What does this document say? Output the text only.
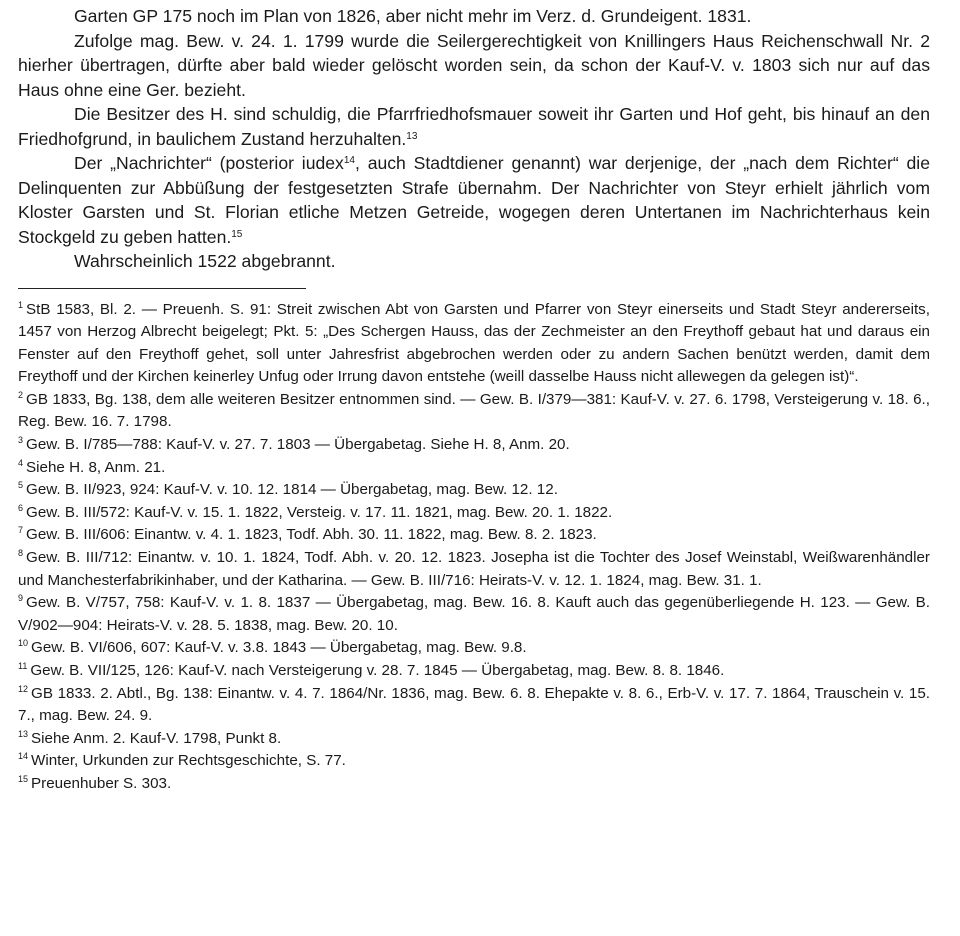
Garten GP 175 noch im Plan von 1826, aber nicht mehr im Verz. d. Grundeigent. 1831.

Zufolge mag. Bew. v. 24. 1. 1799 wurde die Seilergerechtigkeit von Knillingers Haus Reichenschwall Nr. 2 hierher übertragen, dürfte aber bald wieder gelöscht worden sein, da schon der Kauf-V. v. 1803 sich nur auf das Haus ohne eine Ger. bezieht.

Die Besitzer des H. sind schuldig, die Pfarrfriedhofsmauer soweit ihr Garten und Hof geht, bis hinauf an den Friedhofgrund, in baulichem Zustand herzuhalten.$^{13}$

Der „Nachrichter“ (posterior iudex$^{14}$, auch Stadtdiener genannt) war derjenige, der „nach dem Richter“ die Delinquenten zur Abbüßung der festgesetzten Strafe übernahm. Der Nachrichter von Steyr erhielt jährlich vom Kloster Garsten und St. Florian etliche Metzen Getreide, wogegen deren Untertanen im Nachrichterhaus kein Stockgeld zu geben hatten.$^{15}$

Wahrscheinlich 1522 abgebrannt.

$^1$ StB 1583, Bl. 2. — Preuenh. S. 91: Streit zwischen Abt von Garsten und Pfarrer von Steyr einerseits und Stadt Steyr andererseits, 1457 von Herzog Albrecht beigelegt; Pkt. 5: „Des Schergen Hauss, das der Zechmeister an den Freythoff gebaut hat und daraus ein Fenster auf den Freythoff gehet, soll unter Jahresfrist abgebrochen werden oder zu andern Sachen benützt werden, damit dem Freythoff und der Kirchen keinerley Unfug oder Irrung davon entstehe (weill dasselbe Hauss nicht allewegen da gelegen ist)“.

$^2$ GB 1833, Bg. 138, dem alle weiteren Besitzer entnommen sind. — Gew. B. I/379—381: Kauf-V. v. 27. 6. 1798, Versteigerung v. 18. 6., Reg. Bew. 16. 7. 1798.

$^3$ Gew. B. I/785—788: Kauf-V. v. 27. 7. 1803 — Übergabetag. Siehe H. 8, Anm. 20.

$^4$ Siehe H. 8, Anm. 21.

$^5$ Gew. B. II/923, 924: Kauf-V. v. 10. 12. 1814 — Übergabetag, mag. Bew. 12. 12.

$^6$ Gew. B. III/572: Kauf-V. v. 15. 1. 1822, Versteig. v. 17. 11. 1821, mag. Bew. 20. 1. 1822.

$^7$ Gew. B. III/606: Einantw. v. 4. 1. 1823, Todf. Abh. 30. 11. 1822, mag. Bew. 8. 2. 1823.

$^8$ Gew. B. III/712: Einantw. v. 10. 1. 1824, Todf. Abh. v. 20. 12. 1823. Josepha ist die Tochter des Josef Weinstabl, Weißwarenhändler und Manchesterfabrikinhaber, und der Katharina. — Gew. B. III/716: Heirats-V. v. 12. 1. 1824, mag. Bew. 31. 1.

$^9$ Gew. B. V/757, 758: Kauf-V. v. 1. 8. 1837 — Übergabetag, mag. Bew. 16. 8. Kauft auch das gegenüberliegende H. 123. — Gew. B. V/902—904: Heirats-V. v. 28. 5. 1838, mag. Bew. 20. 10.

$^{10}$ Gew. B. VI/606, 607: Kauf-V. v. 3.8. 1843 — Übergabetag, mag. Bew. 9.8.

$^{11}$ Gew. B. VII/125, 126: Kauf-V. nach Versteigerung v. 28. 7. 1845 — Übergabetag, mag. Bew. 8. 8. 1846.

$^{12}$ GB 1833. 2. Abtl., Bg. 138: Einantw. v. 4. 7. 1864/Nr. 1836, mag. Bew. 6. 8. Ehepakte v. 8. 6., Erb-V. v. 17. 7. 1864, Trauschein v. 15. 7., mag. Bew. 24. 9.

$^{13}$ Siehe Anm. 2. Kauf-V. 1798, Punkt 8.

$^{14}$ Winter, Urkunden zur Rechtsgeschichte, S. 77.

$^{15}$ Preuenhuber S. 303.
